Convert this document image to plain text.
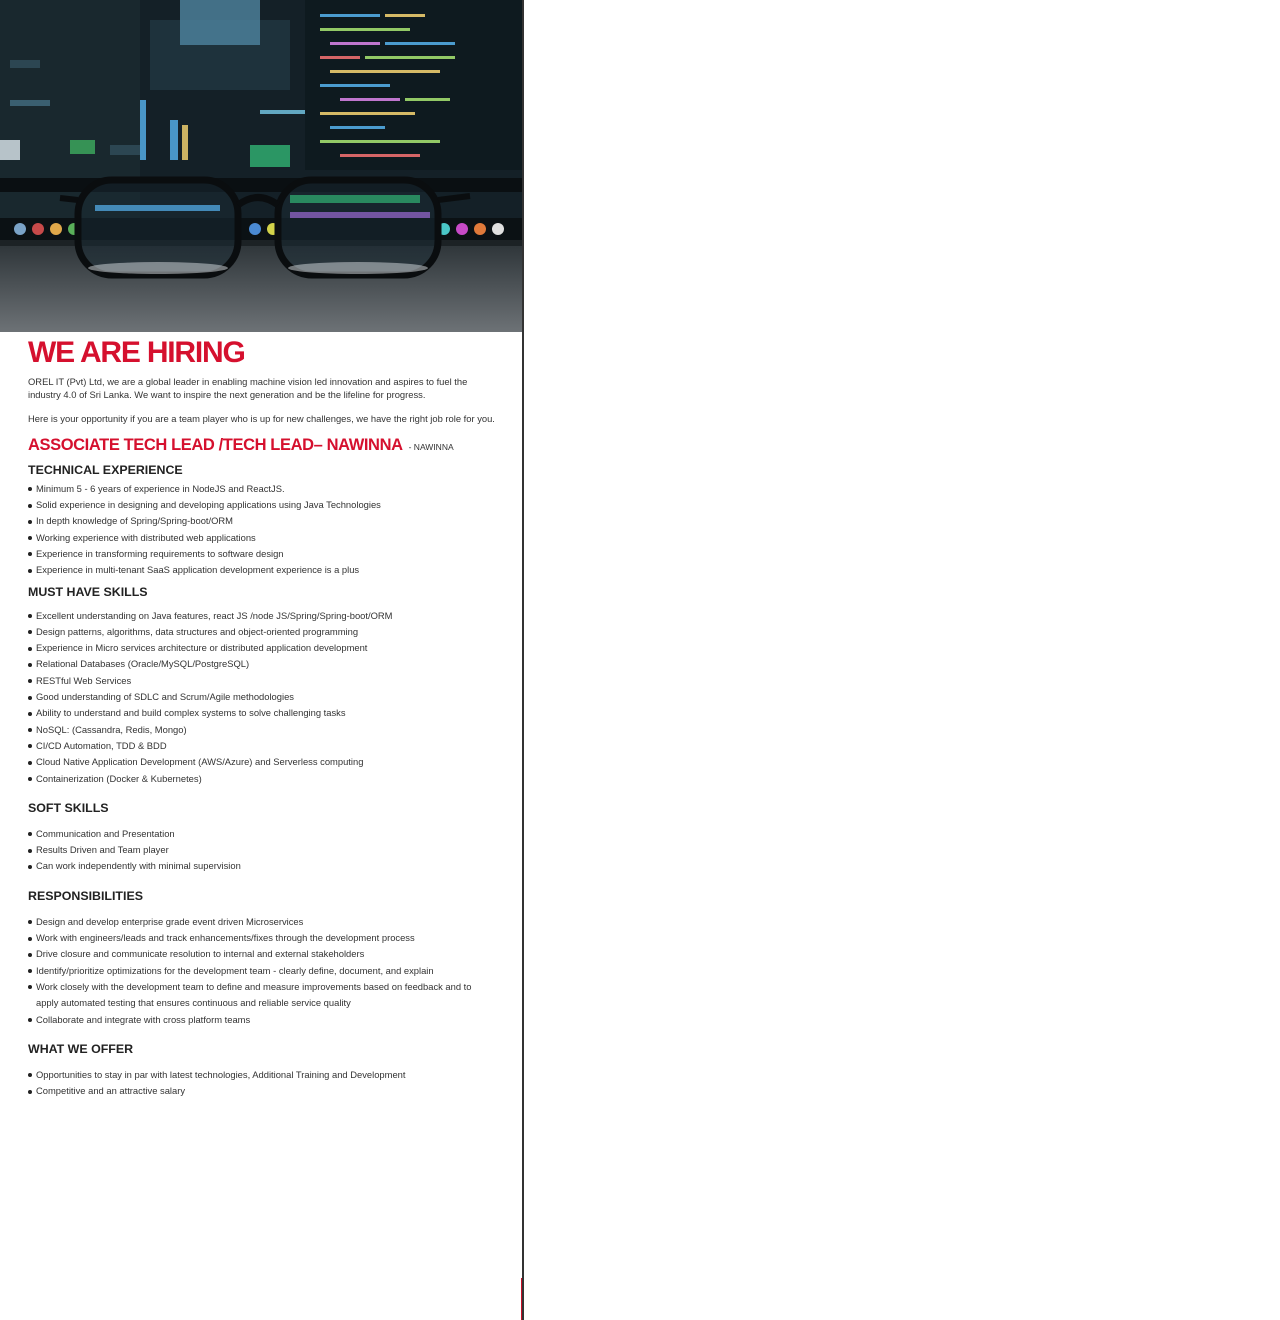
WE ARE HIRING

OREL IT (Pvt) Ltd, we are a global leader in enabling machine vision led innovation and aspires to fuel the industry 4.0 of Sri Lanka. We want to inspire the next generation and be the lifeline for progress.

Here is your opportunity if you are a team player who is up for new challenges, we have the right job role for you.

ASSOCIATE TECH LEAD /TECH LEAD– NAWINNA - NAWINNA
TECHNICAL EXPERIENCE
Minimum 5 - 6 years of experience in NodeJS and ReactJS.
Solid experience in designing and developing applications using Java Technologies
In depth knowledge of Spring/Spring-boot/ORM
Working experience with distributed web applications
Experience in transforming requirements to software design
Experience in multi-tenant SaaS application development experience is a plus
MUST HAVE SKILLS
Excellent understanding on Java features, react JS /node JS/Spring/Spring-boot/ORM
Design patterns, algorithms, data structures and object-oriented programming
Experience in Micro services architecture or distributed application development
Relational Databases (Oracle/MySQL/PostgreSQL)
RESTful Web Services
Good understanding of SDLC and Scrum/Agile methodologies
Ability to understand and build complex systems to solve challenging tasks
NoSQL: (Cassandra, Redis, Mongo)
CI/CD Automation, TDD & BDD
Cloud Native Application Development (AWS/Azure) and Serverless computing
Containerization (Docker & Kubernetes)
SOFT SKILLS
Communication and Presentation
Results Driven and Team player
Can work independently with minimal supervision
RESPONSIBILITIES
Design and develop enterprise grade event driven Microservices
Work with engineers/leads and track enhancements/fixes through the development process
Drive closure and communicate resolution to internal and external stakeholders
Identify/prioritize optimizations for the development team - clearly define, document, and explain
Work closely with the development team to define and measure improvements based on feedback and to apply automated testing that ensures continuous and reliable service quality
Collaborate and integrate with cross platform teams
WHAT WE OFFER
Opportunities to stay in par with latest technologies, Additional Training and Development
Competitive and an attractive salary
